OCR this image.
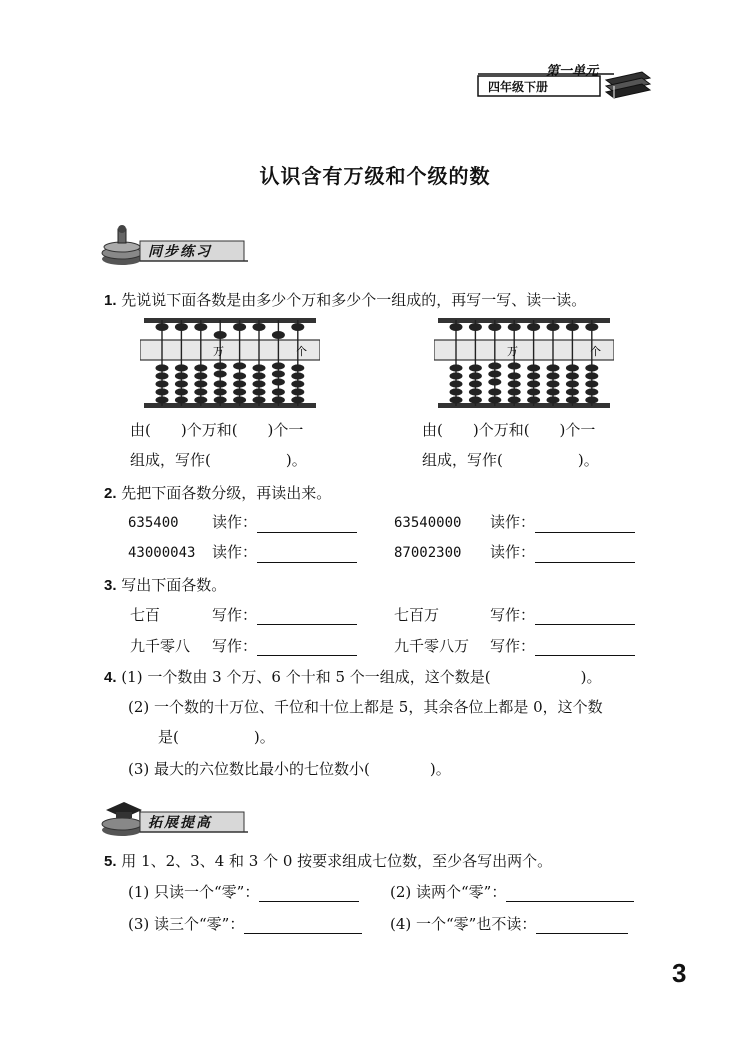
第一单元
四年级下册
认识含有万级和个级的数
同步练习
1. 先说说下面各数是由多少个万和多少个一组成的，再写一写、读一读。
万	个	万	个
由(　　)个万和(　　)个一
组成，写作(　　　　　)。
由(　　)个万和(　　)个一
组成，写作(　　　　　)。
2. 先把下面各数分级，再读出来。
635400 读作：	63540000 读作：
43000043 读作：	87002300 读作：
3. 写出下面各数。
七百	写作：	七百万	写作：
九千零八 写作：	九千零八万 写作：
4. (1) 一个数由 3 个万、6 个十和 5 个一组成，这个数是(　　　　　　)。
(2) 一个数的十万位、千位和十位上都是 5，其余各位上都是 0，这个数
是(　　　　　)。
(3) 最大的六位数比最小的七位数小(　　　　)。
拓展提高
5. 用 1、2、3、4 和 3 个 0 按要求组成七位数，至少各写出两个。
(1) 只读一个“零”：	(2) 读两个“零”：
(3) 读三个“零”：	(4) 一个“零”也不读：
3
